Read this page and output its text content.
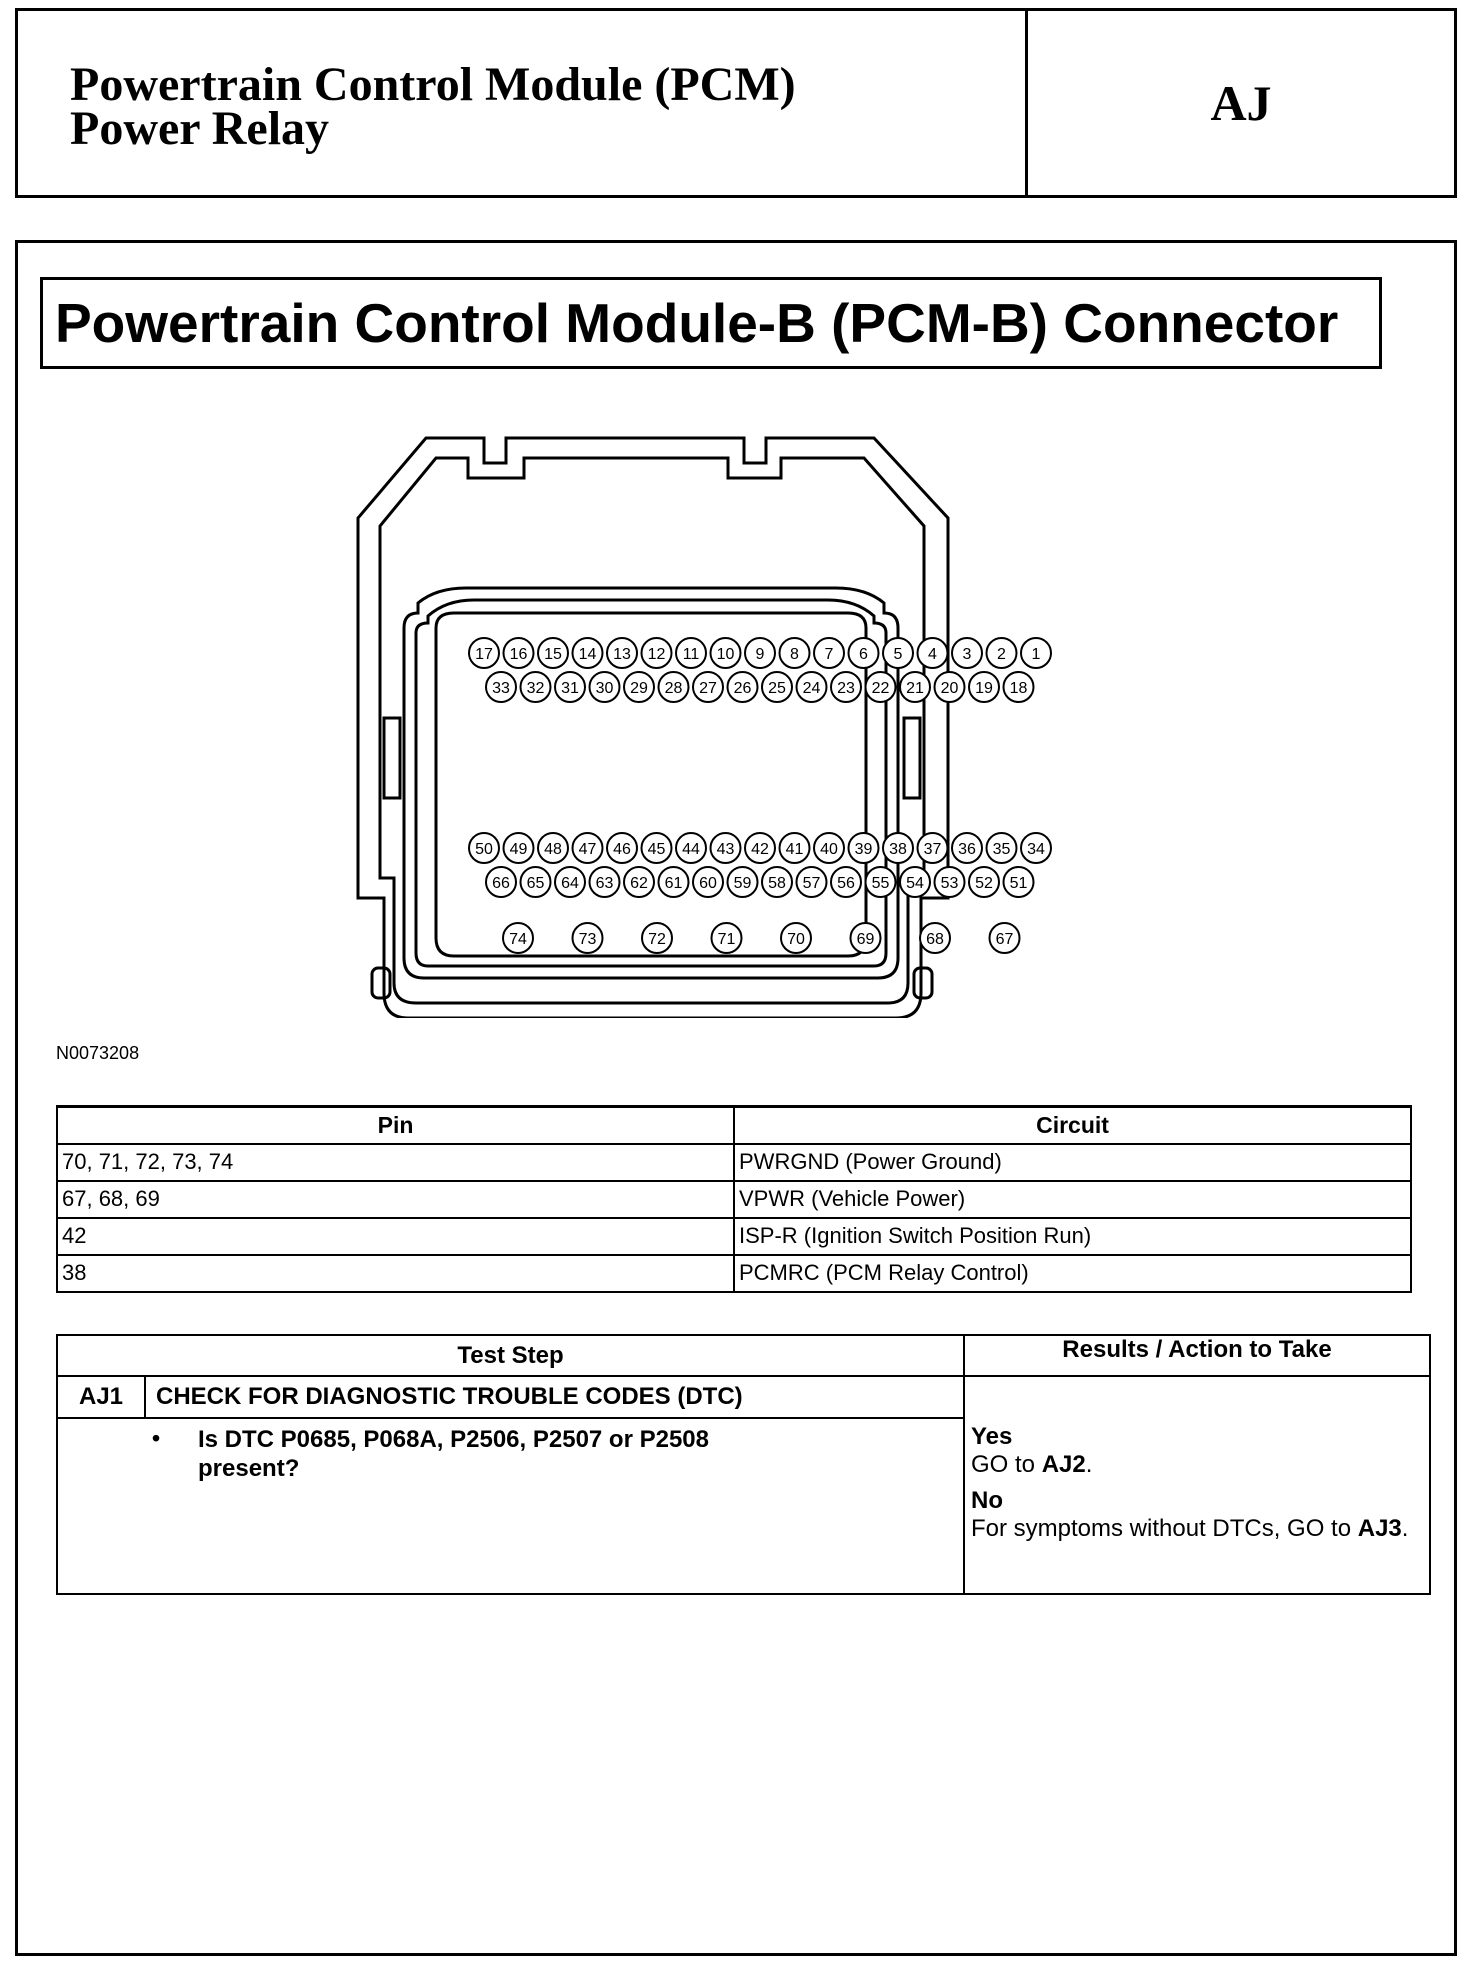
Powertrain Control Module (PCM)
Power Relay	AJ
Powertrain Control Module-B (PCM-B) Connector
17 16 15 14 13 12 11 10 9 8 7 6 5 4 3 2 1
33 32 31 30 29 28 27 26 25 24 23 22 21 20 19 18
50 49 48 47 46 45 44 43 42 41 40 39 38 37 36 35 34
66 65 64 63 62 61 60 59 58 57 56 55 54 53 52 51
74	73	72	71	70	69	68	67
N0073208
Pin	Circuit
70, 71, 72, 73, 74	PWRGND (Power Ground)
67, 68, 69	VPWR (Vehicle Power)
42	ISP-R (Ignition Switch Position Run)
38	PCMRC (PCM Relay Control)
Test Step		Results / Action to Take
AJ1	CHECK FOR DIAGNOSTIC TROUBLE CODES (DTC)	Yes
GO to AJ2.
No
For symptoms without DTCs, GO to AJ3.

• Is DTC P0685, P068A, P2506, P2507 or P2508 present?		
